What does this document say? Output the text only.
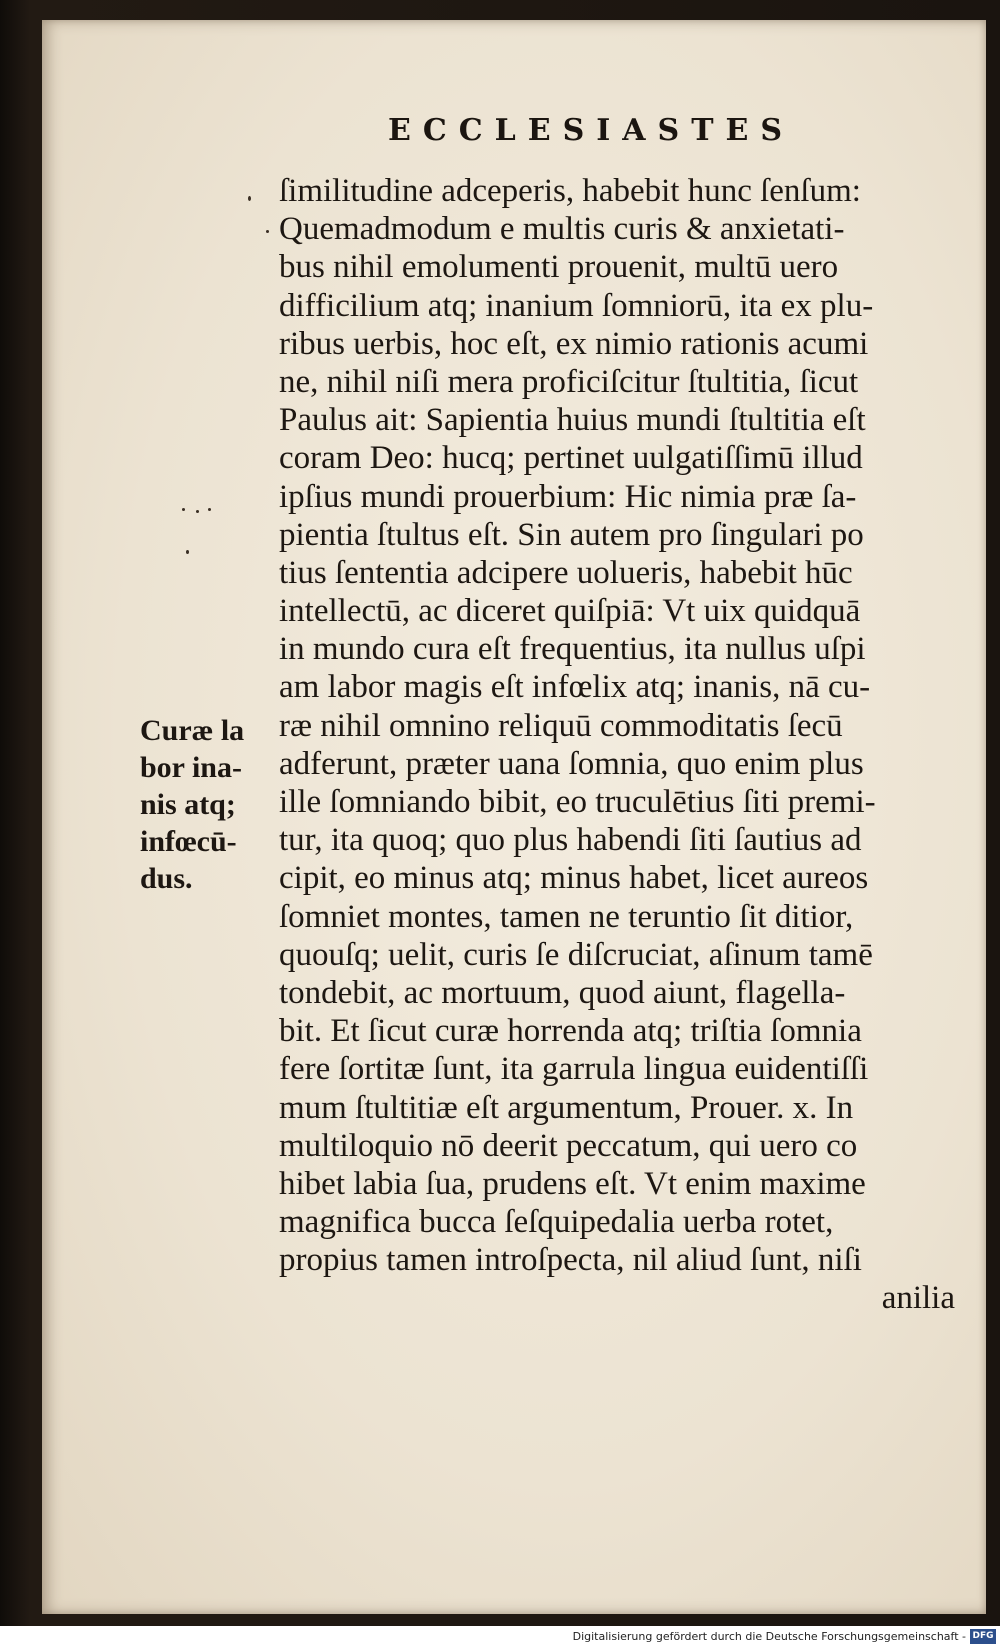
ECCLESIASTES
ſimilitudine adceperis, habebit hunc ſenſum:
Quemadmodum e multis curis & anxietati-
bus nihil emolumenti prouenit, multū uero
difficilium atq; inanium ſomniorū, ita ex plu-
ribus uerbis, hoc eſt, ex nimio rationis acumi
ne, nihil niſi mera proficiſcitur ſtultitia, ſicut
Paulus ait: Sapientia huius mundi ſtultitia eſt
coram Deo: hucq; pertinet uulgatiſſimū illud
ipſius mundi prouerbium: Hic nimia præ ſa-
pientia ſtultus eſt. Sin autem pro ſingulari po
tius ſententia adcipere uolueris, habebit hūc
intellectū, ac diceret quiſpiā: Vt uix quidquā
in mundo cura eſt frequentius, ita nullus uſpi
am labor magis eſt infœlix atq; inanis, nā cu-
ræ nihil omnino reliquū commoditatis ſecū
adferunt, præter uana ſomnia, quo enim plus
ille ſomniando bibit, eo truculētius ſiti premi-
tur, ita quoq; quo plus habendi ſiti ſautius ad
cipit, eo minus atq; minus habet, licet aureos
ſomniet montes, tamen ne teruntio ſit ditior,
quouſq; uelit, curis ſe diſcruciat, aſinum tamē
tondebit, ac mortuum, quod aiunt, flagella-
bit. Et ſicut curæ horrenda atq; triſtia ſomnia
fere ſortitæ ſunt, ita garrula lingua euidentiſſi
mum ſtultitiæ eſt argumentum, Prouer. x. In
multiloquio nō deerit peccatum, qui uero co
hibet labia ſua, prudens eſt. Vt enim maxime
magnifica bucca ſeſquipedalia uerba rotet,
propius tamen introſpecta, nil aliud ſunt, niſi
anilia
Curæ la
bor ina-
nis atq;
infœcū-
dus.
Digitalisierung gefördert durch die Deutsche Forschungsgemeinschaft - DFG
